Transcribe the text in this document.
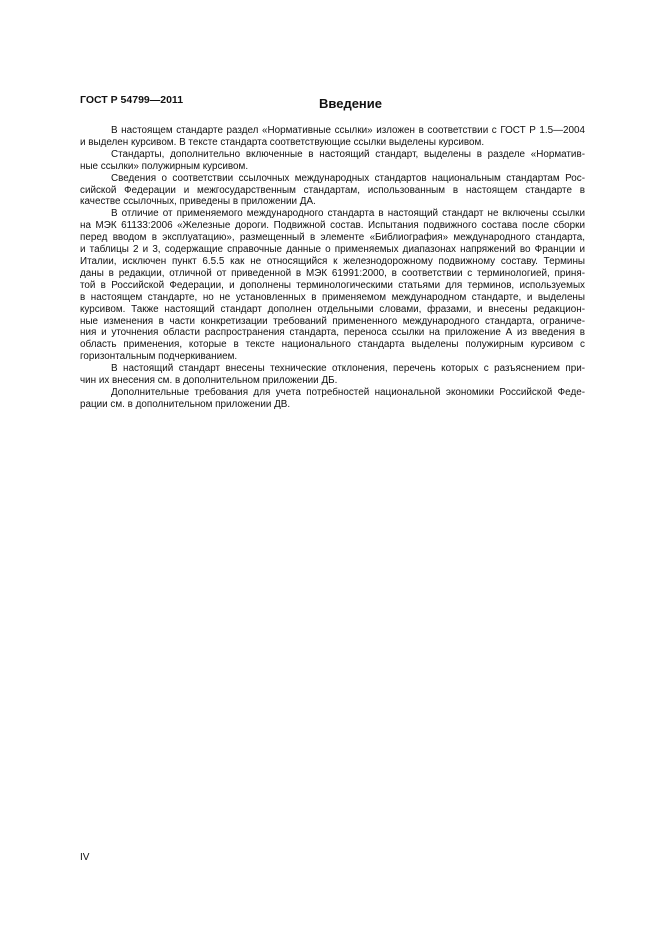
ГОСТ Р 54799—2011	Введение
В настоящем стандарте раздел «Нормативные ссылки» изложен в соответствии с ГОСТ Р 1.5—2004
и выделен курсивом. В тексте стандарта соответствующие ссылки выделены курсивом.
Стандарты, дополнительно включенные в настоящий стандарт, выделены в разделе «Норматив-
ные ссылки» полужирным курсивом.
Сведения о соответствии ссылочных международных стандартов национальным стандартам Рос-
сийской Федерации и межгосударственным стандартам, использованным в настоящем стандарте в
качестве ссылочных, приведены в приложении ДА.
В отличие от применяемого международного стандарта в настоящий стандарт не включены ссылки
на МЭК 61133:2006 «Железные дороги. Подвижной состав. Испытания подвижного состава после сборки
перед вводом в эксплуатацию», размещенный в элементе «Библиография» международного стандарта,
и таблицы 2 и 3, содержащие справочные данные о применяемых диапазонах напряжений во Франции и
Италии, исключен пункт 6.5.5 как не относящийся к железнодорожному подвижному составу. Термины
даны в редакции, отличной от приведенной в МЭК 61991:2000, в соответствии с терминологией, приня-
той в Российской Федерации, и дополнены терминологическими статьями для терминов, используемых
в настоящем стандарте, но не установленных в применяемом международном стандарте, и выделены
курсивом. Также настоящий стандарт дополнен отдельными словами, фразами, и внесены редакцион-
ные изменения в части конкретизации требований примененного международного стандарта, ограниче-
ния и уточнения области распространения стандарта, переноса ссылки на приложение А из введения в
область применения, которые в тексте национального стандарта выделены полужирным курсивом с
горизонтальным подчеркиванием.
В настоящий стандарт внесены технические отклонения, перечень которых с разъяснением при-
чин их внесения см. в дополнительном приложении ДБ.
Дополнительные требования для учета потребностей национальной экономики Российской Феде-
рации см. в дополнительном приложении ДВ.
IV
